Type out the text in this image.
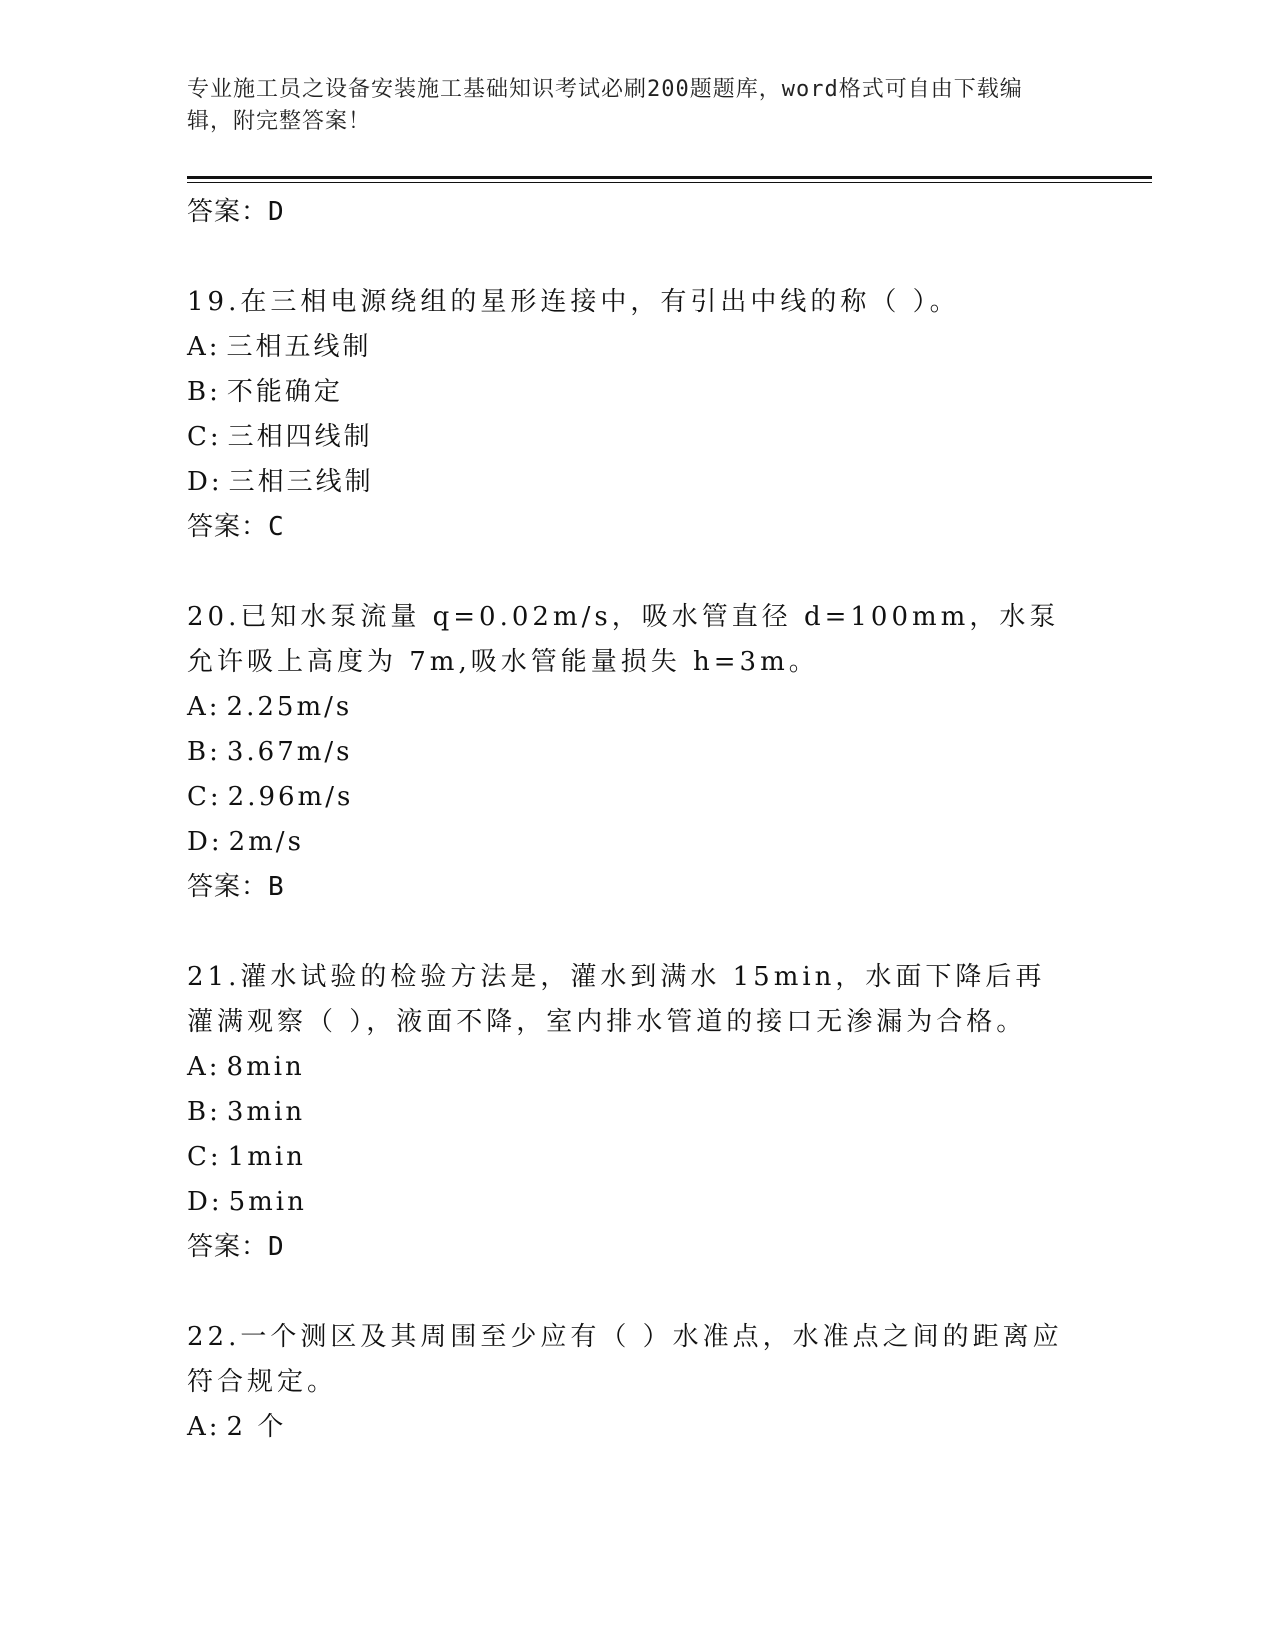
专业施工员之设备安装施工基础知识考试必刷200题题库，word格式可自由下载编辑，附完整答案！
答案：D

19.在三相电源绕组的星形连接中，有引出中线的称（ ）。

A: 三相五线制
B: 不能确定
C: 三相四线制
D: 三相三线制
答案：C

20.已知水泵流量 q=0.02m/s，吸水管直径 d=100mm，水泵允许吸上高度为 7m,吸水管能量损失 h=3m。

A: 2.25m/s
B: 3.67m/s
C: 2.96m/s
D: 2m/s
答案：B

21.灌水试验的检验方法是，灌水到满水 15min，水面下降后再灌满观察（ ），液面不降，室内排水管道的接口无渗漏为合格。

A: 8min
B: 3min
C: 1min
D: 5min
答案：D

22.一个测区及其周围至少应有（ ）水准点，水准点之间的距离应符合规定。

A: 2 个
